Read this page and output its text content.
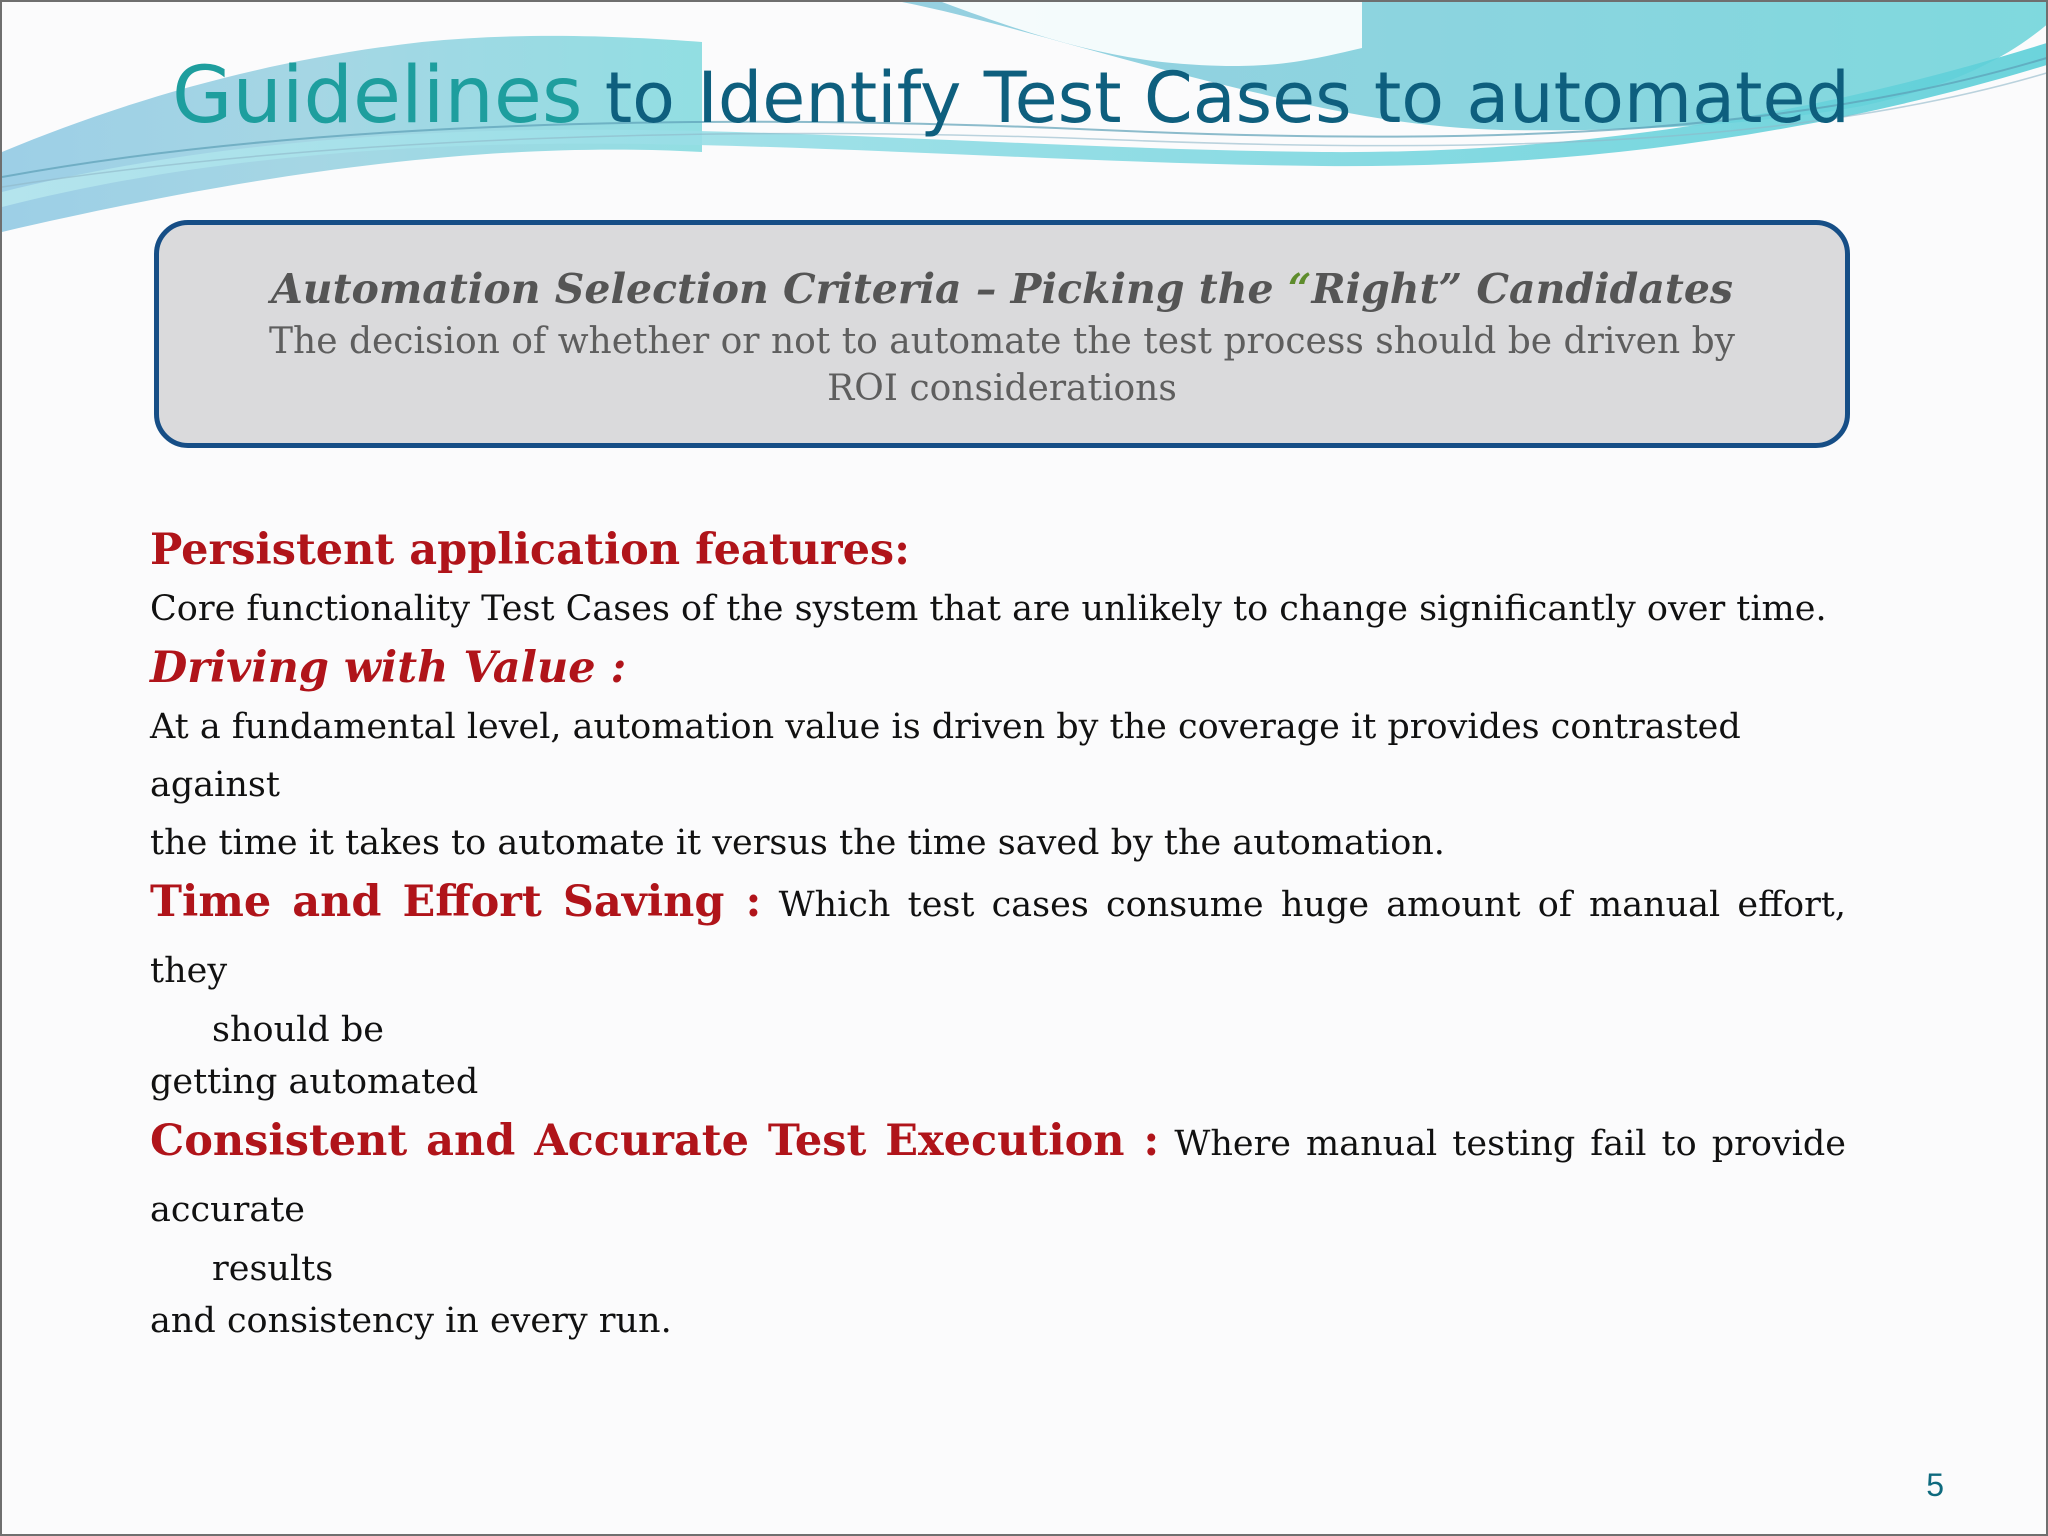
Guidelines to Identify Test Cases to automated
Automation Selection Criteria – Picking the “Right” Candidates
The decision of whether or not to automate the test process should be driven by ROI considerations
Persistent application features:
Core functionality Test Cases of the system that are unlikely to change significantly over time.
Driving with Value :
At a fundamental level, automation value is driven by the coverage it provides contrasted against
the time it takes to automate it versus the time saved by the automation.
Time and Effort Saving : Which test cases consume huge amount of manual effort, they
should be
getting automated
Consistent and Accurate Test Execution : Where manual testing fail to provide accurate
results
and consistency in every run.
5
